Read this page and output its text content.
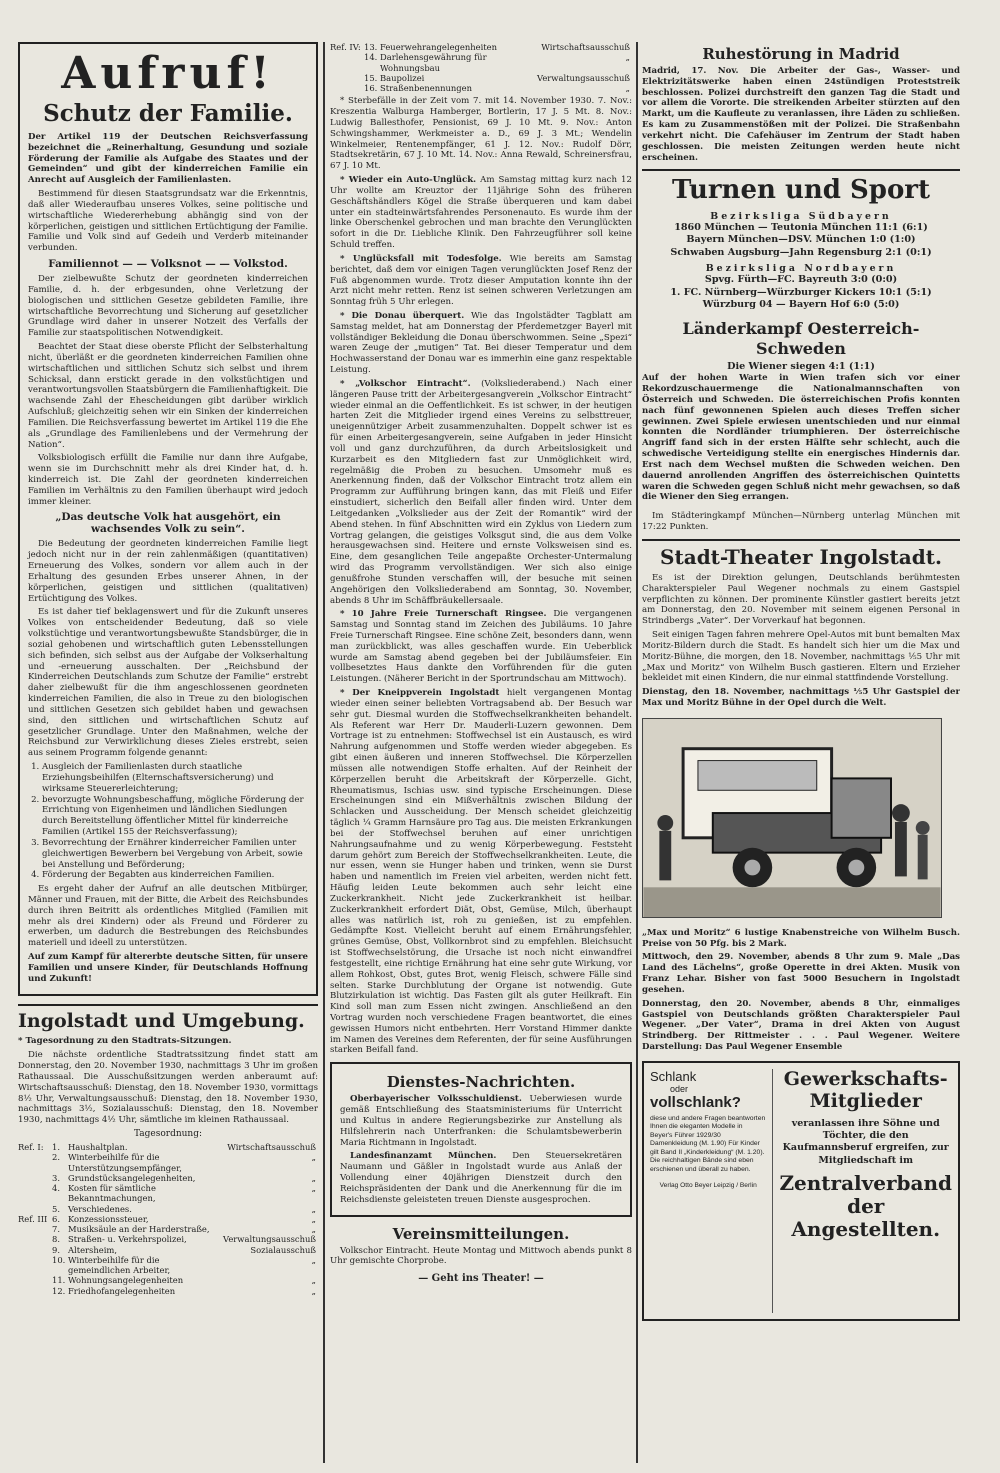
Aufruf!
Schutz der Familie.
Der Artikel 119 der Deutschen Reichsverfassung bezeichnet die „Reinerhaltung, Gesundung und soziale Förderung der Familie als Aufgabe des Staates und der Gemeinden“ und gibt der kinderreichen Familie ein Anrecht auf Ausgleich der Familienlasten.
Bestimmend für diesen Staatsgrundsatz war die Erkenntnis, daß aller Wiederaufbau unseres Volkes, seine politische und wirtschaftliche Wiedererhebung abhängig sind von der körperlichen, geistigen und sittlichen Ertüchtigung der Familie. Familie und Volk sind auf Gedeih und Verderb miteinander verbunden.
Familiennot — — Volksnot — — Volkstod.
Der zielbewußte Schutz der geordneten kinderreichen Familie, d. h. der erbgesunden, ohne Verletzung der biologischen und sittlichen Gesetze gebildeten Familie, ihre wirtschaftliche Bevorrechtung und Sicherung auf gesetzlicher Grundlage wird daher in unserer Notzeit des Verfalls der Familie zur staatspolitischen Notwendigkeit.
Beachtet der Staat diese oberste Pflicht der Selbsterhaltung nicht, überläßt er die geordneten kinderreichen Familien ohne wirtschaftlichen und sittlichen Schutz sich selbst und ihrem Schicksal, dann erstickt gerade in den volkstüchtigen und verantwortungsvollen Staatsbürgern die Familienhaftigkeit. Die wachsende Zahl der Ehescheidungen gibt darüber wirklich Aufschluß; gleichzeitig sehen wir ein Sinken der kinderreichen Familien. Die Reichsverfassung bewertet im Artikel 119 die Ehe als „Grundlage des Familienlebens und der Vermehrung der Nation“.
Volksbiologisch erfüllt die Familie nur dann ihre Aufgabe, wenn sie im Durchschnitt mehr als drei Kinder hat, d. h. kinderreich ist. Die Zahl der geordneten kinderreichen Familien im Verhältnis zu den Familien überhaupt wird jedoch immer kleiner.
„Das deutsche Volk hat ausgehört, ein wachsendes Volk zu sein“.
Die Bedeutung der geordneten kinderreichen Familie liegt jedoch nicht nur in der rein zahlenmäßigen (quantitativen) Erneuerung des Volkes, sondern vor allem auch in der Erhaltung des gesunden Erbes unserer Ahnen, in der körperlichen, geistigen und sittlichen (qualitativen) Ertüchtigung des Volkes.
Es ist daher tief beklagenswert und für die Zukunft unseres Volkes von entscheidender Bedeutung, daß so viele volkstüchtige und verantwortungsbewußte Standsbürger, die in sozial gehobenen und wirtschaftlich guten Lebensstellungen sich befinden, sich selbst aus der Aufgabe der Volkserhaltung und -erneuerung ausschalten. Der „Reichsbund der Kinderreichen Deutschlands zum Schutze der Familie“ erstrebt daher zielbewußt für die ihm angeschlossenen geordneten kinderreichen Familien, die also in Treue zu den biologischen und sittlichen Gesetzen sich gebildet haben und gewachsen sind, den sittlichen und wirtschaftlichen Schutz auf gesetzlicher Grundlage. Unter den Maßnahmen, welche der Reichsbund zur Verwirklichung dieses Zieles erstrebt, seien aus seinem Programm folgende genannt:
1. Ausgleich der Familienlasten durch staatliche Erziehungsbeihilfen (Elternschaftsversicherung) und wirksame Steuererleichterung;
2. bevorzugte Wohnungsbeschaffung, mögliche Förderung der Errichtung von Eigenheimen und ländlichen Siedlungen durch Bereitstellung öffentlicher Mittel für kinderreiche Familien (Artikel 155 der Reichsverfassung);
3. Bevorrechtung der Ernährer kinderreicher Familien unter gleichwertigen Bewerbern bei Vergebung von Arbeit, sowie bei Anstellung und Beförderung;
4. Förderung der Begabten aus kinderreichen Familien.
Es ergeht daher der Aufruf an alle deutschen Mitbürger, Männer und Frauen, mit der Bitte, die Arbeit des Reichsbundes durch ihren Beitritt als ordentliches Mitglied (Familien mit mehr als drei Kindern) oder als Freund und Förderer zu erwerben, um dadurch die Bestrebungen des Reichsbundes materiell und ideell zu unterstützen.
Auf zum Kampf für altererbte deutsche Sitten, für unsere Familien und unsere Kinder, für Deutschlands Hoffnung und Zukunft!
Ingolstadt und Umgebung.
* Tagesordnung zu den Stadtrats-Sitzungen.
Die nächste ordentliche Stadtratssitzung findet statt am Donnerstag, den 20. November 1930, nachmittags 3 Uhr im großen Rathaussaal. Die Ausschußsitzungen werden anberaumt auf: Wirtschaftsausschuß: Dienstag, den 18. November 1930, vormittags 8½ Uhr, Verwaltungsausschuß: Dienstag, den 18. November 1930, nachmittags 3½, Sozialausschuß: Dienstag, den 18. November 1930, nachmittags 4½ Uhr, sämtliche im kleinen Rathaussaal.
Tagesordnung:
Ref. I:	1.	Haushaltplan.	Wirtschaftsausschuß
	2.	Winterbeihilfe für die Unterstützungsempfänger,	„
	3.	Grundstücksangelegenheiten,	„
	4.	Kosten für sämtliche Bekanntmachungen,	„
	5.	Verschiedenes.	„
Ref. III	6.	Konzessionssteuer,	„
	7.	Musiksäule an der Harderstraße,	„
	8.	Straßen- u. Verkehrspolizei,	Verwaltungsausschuß
	9.	Altersheim,	Sozialausschuß
	10.	Winterbeihilfe für die gemeindlichen Arbeiter,	„
	11.	Wohnungsangelegenheiten	„
	12.	Friedhofangelegenheiten	„
Ref. IV:	13.	Feuerwehrangelegenheiten	Wirtschaftsausschuß
	14.	Darlehensgewährung für Wohnungsbau	„
	15.	Baupolizei	Verwaltungsausschuß
	16.	Straßenbenennungen	„
* Sterbefälle in der Zeit vom 7. mit 14. November 1930. 7. Nov.: Kreszentia Walburga Hamberger, Bortlerin, 17 J. 5 Mt. 8. Nov.: Ludwig Ballesthofer, Pensionist, 69 J. 10 Mt. 9. Nov.: Anton Schwingshammer, Werkmeister a. D., 69 J. 3 Mt.; Wendelin Winkelmeier, Rentenempfänger, 61 J. 12. Nov.: Rudolf Dörr, Stadtsekretärin, 67 J. 10 Mt. 14. Nov.: Anna Rewald, Schreinersfrau, 67 J. 10 Mt.
* Wieder ein Auto-Unglück. Am Samstag mittag kurz nach 12 Uhr wollte am Kreuztor der 11jährige Sohn des früheren Geschäftshändlers Kögel die Straße überqueren und kam dabei unter ein stadteinwärtsfahrendes Personenauto. Es wurde ihm der linke Oberschenkel gebrochen und man brachte den Verunglückten sofort in die Dr. Liebliche Klinik. Den Fahrzeugführer soll keine Schuld treffen.
* Unglücksfall mit Todesfolge. Wie bereits am Samstag berichtet, daß dem vor einigen Tagen verunglückten Josef Renz der Fuß abgenommen wurde. Trotz dieser Amputation konnte ihn der Arzt nicht mehr retten. Renz ist seinen schweren Verletzungen am Sonntag früh 5 Uhr erlegen.
* Die Donau überquert. Wie das Ingolstädter Tagblatt am Samstag meldet, hat am Donnerstag der Pferdemetzger Bayerl mit vollständiger Bekleidung die Donau überschwommen. Seine „Spezi“ waren Zeuge der „mutigen“ Tat. Bei dieser Temperatur und dem Hochwasserstand der Donau war es immerhin eine ganz respektable Leistung.
* „Volkschor Eintracht“. (Volksliederabend.) Nach einer längeren Pause tritt der Arbeitergesangverein „Volkschor Eintracht“ wieder einmal an die Oeffentlichkeit. Es ist schwer, in der heutigen harten Zeit die Mitglieder irgend eines Vereins zu selbsttreuer, uneigennütziger Arbeit zusammenzuhalten. Doppelt schwer ist es für einen Arbeitergesangverein, seine Aufgaben in jeder Hinsicht voll und ganz durchzuführen, da durch Arbeitslosigkeit und Kurzarbeit es den Mitgliedern fast zur Unmöglichkeit wird, regelmäßig die Proben zu besuchen. Umsomehr muß es Anerkennung finden, daß der Volkschor Eintracht trotz allem ein Programm zur Aufführung bringen kann, das mit Fleiß und Eifer einstudiert, sicherlich den Beifall aller finden wird. Unter dem Leitgedanken „Volkslieder aus der Zeit der Romantik“ wird der Abend stehen. In fünf Abschnitten wird ein Zyklus von Liedern zum Vortrag gelangen, die geistiges Volksgut sind, die aus dem Volke herausgewachsen sind. Heitere und ernste Volksweisen sind es. Eine, dem gesanglichen Teile angepaßte Orchester-Untermalung wird das Programm vervollständigen. Wer sich also einige genußfrohe Stunden verschaffen will, der besuche mit seinen Angehörigen den Volksliederabend am Sonntag, 30. November, abends 8 Uhr im Schäffbräukellersaale.
* 10 Jahre Freie Turnerschaft Ringsee. Die vergangenen Samstag und Sonntag stand im Zeichen des Jubiläums. 10 Jahre Freie Turnerschaft Ringsee. Eine schöne Zeit, besonders dann, wenn man zurückblickt, was alles geschaffen wurde. Ein Ueberblick wurde am Samstag abend gegeben bei der Jubiläumsfeier. Ein vollbesetztes Haus dankte den Vorführenden für die guten Leistungen. (Näherer Bericht in der Sportrundschau am Mittwoch).
* Der Kneippverein Ingolstadt hielt vergangenen Montag wieder einen seiner beliebten Vortragsabend ab. Der Besuch war sehr gut. Diesmal wurden die Stoffwechselkrankheiten behandelt. Als Referent war Herr Dr. Mauderli-Luzern gewonnen. Dem Vortrage ist zu entnehmen: Stoffwechsel ist ein Austausch, es wird Nahrung aufgenommen und Stoffe werden wieder abgegeben. Es gibt einen äußeren und inneren Stoffwechsel. Die Körperzellen müssen alle notwendigen Stoffe erhalten. Auf der Reinheit der Körperzellen beruht die Arbeitskraft der Körperzelle. Gicht, Rheumatismus, Ischias usw. sind typische Erscheinungen. Diese Erscheinungen sind ein Mißverhältnis zwischen Bildung der Schlacken und Ausscheidung. Der Mensch scheidet gleichzeitig täglich ¼ Gramm Harnsäure pro Tag aus. Die meisten Erkrankungen bei der Stoffwechsel beruhen auf einer unrichtigen Nahrungsaufnahme und zu wenig Körperbewegung. Feststeht darum gehört zum Bereich der Stoffwechselkrankheiten. Leute, die nur essen, wenn sie Hunger haben und trinken, wenn sie Durst haben und namentlich im Freien viel arbeiten, werden nicht fett. Häufig leiden Leute bekommen auch sehr leicht eine Zuckerkrankheit. Nicht jede Zuckerkrankheit ist heilbar. Zuckerkrankheit erfordert Diät, Obst, Gemüse, Milch, überhaupt alles was natürlich ist, roh zu genießen, ist zu empfehlen. Gedämpfte Kost. Vielleicht beruht auf einem Ernährungsfehler, grünes Gemüse, Obst, Vollkornbrot sind zu empfehlen. Bleichsucht ist Stoffwechselstörung, die Ursache ist noch nicht einwandfrei festgestellt, eine richtige Ernährung hat eine sehr gute Wirkung, vor allem Rohkost, Obst, gutes Brot, wenig Fleisch, schwere Fälle sind selten. Starke Durchblutung der Organe ist notwendig. Gute Blutzirkulation ist wichtig. Das Fasten gilt als guter Heilkraft. Ein Kind soll man zum Essen nicht zwingen. Anschließend an den Vortrag wurden noch verschiedene Fragen beantwortet, die eines gewissen Humors nicht entbehrten. Herr Vorstand Himmer dankte im Namen des Vereines dem Referenten, der für seine Ausführungen starken Beifall fand.
Dienstes-Nachrichten.
Oberbayerischer Volksschuldienst. Ueberwiesen wurde gemäß Entschließung des Staatsministeriums für Unterricht und Kultus in andere Regierungsbezirke zur Anstellung als Hilfslehrerin nach Unterfranken: die Schulamtsbewerberin Maria Richtmann in Ingolstadt.
Landesfinanzamt München. Den Steuersekretären Naumann und Gäßler in Ingolstadt wurde aus Anlaß der Vollendung einer 40jährigen Dienstzeit durch den Reichspräsidenten der Dank und die Anerkennung für die im Reichsdienste geleisteten treuen Dienste ausgesprochen.
Vereinsmitteilungen.
Volkschor Eintracht. Heute Montag und Mittwoch abends punkt 8 Uhr gemischte Chorprobe.
— Geht ins Theater! —
Ruhestörung in Madrid
Madrid, 17. Nov. Die Arbeiter der Gas-, Wasser- und Elektrizitätswerke haben einen 24stündigen Proteststreik beschlossen. Polizei durchstreift den ganzen Tag die Stadt und vor allem die Vororte. Die streikenden Arbeiter stürzten auf den Markt, um die Kaufleute zu veranlassen, ihre Läden zu schließen. Es kam zu Zusammenstößen mit der Polizei. Die Straßenbahn verkehrt nicht. Die Cafehäuser im Zentrum der Stadt haben geschlossen. Die meisten Zeitungen werden heute nicht erscheinen.
Turnen und Sport
Bezirksliga Südbayern
1860 München — Teutonia München 11:1 (6:1)
Bayern München—DSV. München 1:0 (1:0)
Schwaben Augsburg—Jahn Regensburg 2:1 (0:1)
Bezirksliga Nordbayern
Spvg. Fürth—FC. Bayreuth 3:0 (0:0)
1. FC. Nürnberg—Würzburger Kickers 10:1 (5:1)
Würzburg 04 — Bayern Hof 6:0 (5:0)
Länderkampf Oesterreich-Schweden
Die Wiener siegen 4:1 (1:1)
Auf der hohen Warte in Wien trafen sich vor einer Rekordzuschauermenge die Nationalmannschaften von Österreich und Schweden. Die österreichischen Profis konnten nach fünf gewonnenen Spielen auch dieses Treffen sicher gewinnen. Zwei Spiele erwiesen unentschieden und nur einmal konnten die Nordländer triumphieren. Der österreichische Angriff fand sich in der ersten Hälfte sehr schlecht, auch die schwedische Verteidigung stellte ein energisches Hindernis dar. Erst nach dem Wechsel mußten die Schweden weichen. Den dauernd anrollenden Angriffen des österreichischen Quintetts waren die Schweden gegen Schluß nicht mehr gewachsen, so daß die Wiener den Sieg errangen.
Im Städteringkampf München—Nürnberg unterlag München mit 17:22 Punkten.
Stadt-Theater Ingolstadt.
Es ist der Direktion gelungen, Deutschlands berühmtesten Charakterspieler Paul Wegener nochmals zu einem Gastspiel verpflichten zu können. Der prominente Künstler gastiert bereits jetzt am Donnerstag, den 20. November mit seinem eigenen Personal in Strindbergs „Vater“. Der Vorverkauf hat begonnen.
Seit einigen Tagen fahren mehrere Opel-Autos mit bunt bemalten Max Moritz-Bildern durch die Stadt. Es handelt sich hier um die Max und Moritz-Bühne, die morgen, den 18. November, nachmittags ⅕5 Uhr mit „Max und Moritz“ von Wilhelm Busch gastieren. Eltern und Erzieher bekleidet mit einen Kindern, die nur einmal stattfindende Vorstellung.
Dienstag, den 18. November, nachmittags ⅕5 Uhr Gastspiel der Max und Moritz Bühne in der Opel durch die Welt.
„Max und Moritz“ 6 lustige Knabenstreiche von Wilhelm Busch. Preise von 50 Pfg. bis 2 Mark.
Mittwoch, den 29. November, abends 8 Uhr zum 9. Male „Das Land des Lächelns“, große Operette in drei Akten. Musik von Franz Lehar. Bisher von fast 5000 Besuchern in Ingolstadt gesehen.
Donnerstag, den 20. November, abends 8 Uhr, einmaliges Gastspiel von Deutschlands größten Charakterspieler Paul Wegener. „Der Vater“, Drama in drei Akten von August Strindberg. Der Rittmeister . . . Paul Wegener. Weitere Darstellung: Das Paul Wegener Ensemble
Schlank
oder
vollschlank?
diese und andere Fragen beantworten Ihnen die eleganten Modelle in Beyer's Führer 1929/30 Damenkleidung (M. 1.90) Für Kinder gilt Band II „Kinderkleidung“ (M. 1.20). Die reichhaltigen Bände sind eben erschienen und überall zu haben.
Verlag Otto Beyer Leipzig / Berlin
Gewerkschafts-Mitglieder
veranlassen ihre Söhne und Töchter, die den Kaufmannsberuf ergreifen, zur Mitgliedschaft im
Zentralverband der Angestellten.
